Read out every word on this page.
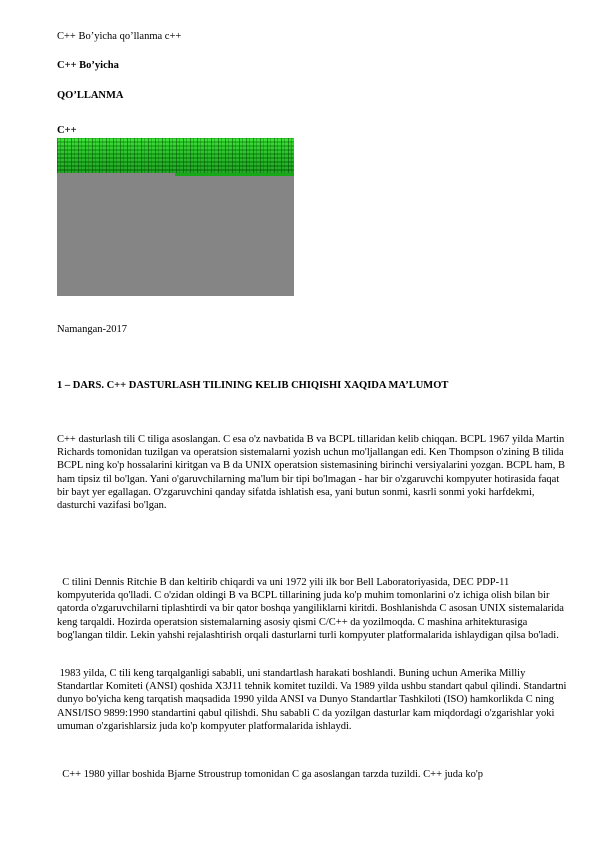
C++ Bo’yicha qo’llanma c++
C++ Bo’yicha
QO’LLANMA
C++
Namangan-2017
1 – DARS. C++ DASTURLASH TILINING KELIB CHIQISHI XAQIDA MA’LUMOT
C++ dasturlash tili C tiliga asoslangan. C esa o'z navbatida B va BCPL tillaridan kelib chiqqan. BCPL 1967 yilda Martin Richards tomonidan tuzilgan va operatsion sistemalarni yozish uchun mo'ljallangan edi. Ken Thompson o'zining B tilida BCPL ning ko'p hossalarini kiritgan va B da UNIX operatsion sistemasining birinchi versiyalarini yozgan. BCPL ham, B ham tipsiz til bo'lgan. Yani o'garuvchilarning ma'lum bir tipi bo'lmagan - har bir o'zgaruvchi kompyuter hotirasida faqat bir bayt yer egallagan. O'zgaruvchini qanday sifatda ishlatish esa, yani butun sonmi, kasrli sonmi yoki harfdekmi, dasturchi vazifasi bo'lgan.
C tilini Dennis Ritchie B dan keltirib chiqardi va uni 1972 yili ilk bor Bell Laboratoriyasida, DEC PDP-11 kompyuterida qo'lladi. C o'zidan oldingi B va BCPL tillarining juda ko'p muhim tomonlarini o'z ichiga olish bilan bir qatorda o'zgaruvchilarni tiplashtirdi va bir qator boshqa yangiliklarni kiritdi. Boshlanishda C asosan UNIX sistemalarida keng tarqaldi. Hozirda operatsion sistemalarning asosiy qismi C/C++ da yozilmoqda. C mashina arhitekturasiga bog'langan tildir. Lekin yahshi rejalashtirish orqali dasturlarni turli kompyuter platformalarida ishlaydigan qilsa bo'ladi.
1983 yilda, C tili keng tarqalganligi sababli, uni standartlash harakati boshlandi. Buning uchun Amerika Milliy Standartlar Komiteti (ANSI) qoshida X3J11 tehnik komitet tuzildi. Va 1989 yilda ushbu standart qabul qilindi. Standartni dunyo bo'yicha keng tarqatish maqsadida 1990 yilda ANSI va Dunyo Standartlar Tashkiloti (ISO) hamkorlikda C ning ANSI/ISO 9899:1990 standartini qabul qilishdi. Shu sababli C da yozilgan dasturlar kam miqdordagi o'zgarishlar yoki umuman o'zgarishlarsiz juda ko'p kompyuter platformalarida ishlaydi.
C++ 1980 yillar boshida Bjarne Stroustrup tomonidan C ga asoslangan tarzda tuzildi. C++ juda ko'p
